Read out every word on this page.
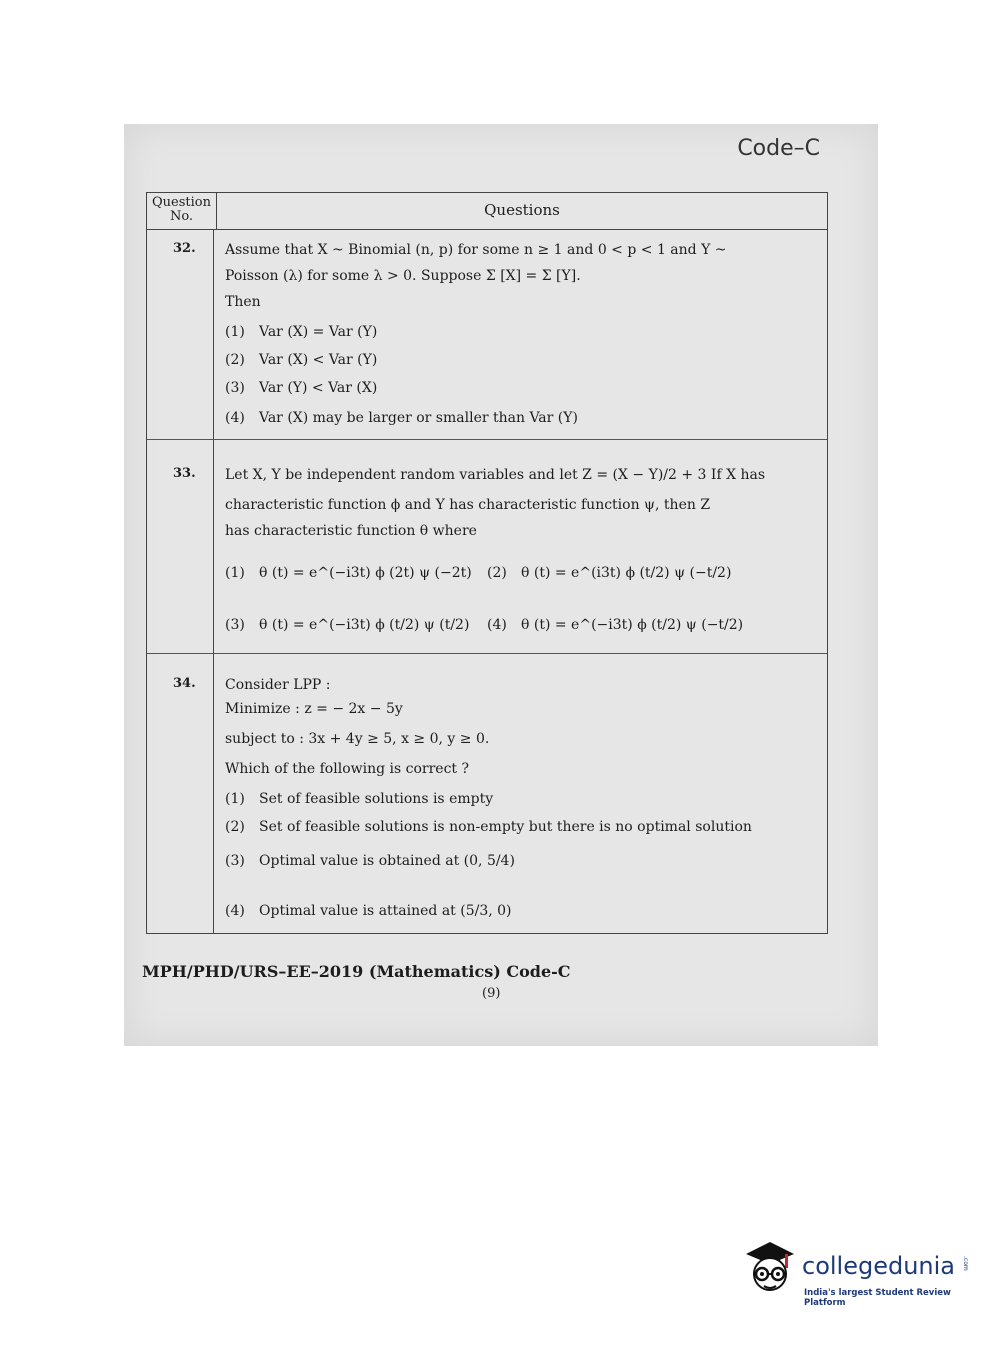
Code–C
Question No.	Questions
32. Assume that X ~ Binomial (n, p) for some n ≥ 1 and 0 < p < 1 and Y ~
Poisson (λ) for some λ > 0. Suppose Σ [X] = Σ [Y].
Then
(1) Var (X) = Var (Y)
(2) Var (X) < Var (Y)
(3) Var (Y) < Var (X)
(4) Var (X) may be larger or smaller than Var (Y)
33. Let X, Y be independent random variables and let Z = (X − Y)/2 + 3 If X has
characteristic function ϕ and Y has characteristic function ψ, then Z
has characteristic function θ where
(1) θ (t) = e^(−i3t) ϕ (2t) ψ (−2t) (2) θ (t) = e^(i3t) ϕ (t/2) ψ (−t/2)
(3) θ (t) = e^(−i3t) ϕ (t/2) ψ (t/2) (4) θ (t) = e^(−i3t) ϕ (t/2) ψ (−t/2)
34. Consider LPP :
Minimize : z = − 2x − 5y
subject to : 3x + 4y ≥ 5, x ≥ 0, y ≥ 0.
Which of the following is correct ?
(1) Set of feasible solutions is empty
(2) Set of feasible solutions is non-empty but there is no optimal solution
(3) Optimal value is obtained at (0, 5/4)
(4) Optimal value is attained at (5/3, 0)
MPH/PHD/URS–EE–2019 (Mathematics) Code-C
(9)
collegedunia .com
India's largest Student Review Platform
